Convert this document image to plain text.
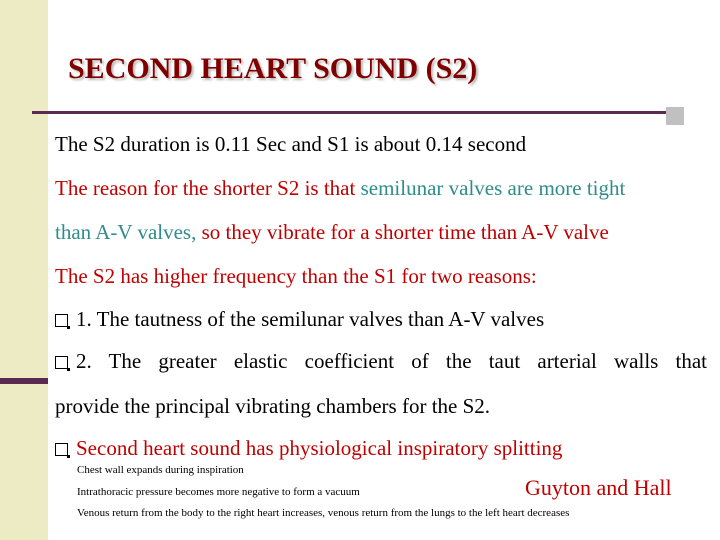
SECOND HEART SOUND (S2)
The S2 duration is 0.11 Sec and S1 is about 0.14 second
The reason for the shorter S2 is that semilunar valves are more tight
than A-V valves, so they vibrate for a shorter time than A-V valve
The S2 has higher frequency than the S1 for two reasons:
1. The tautness of the semilunar valves than A-V valves
2. The greater elastic coefficient of the taut arterial walls that
provide the principal vibrating chambers for the S2.
Second heart sound has physiological inspiratory splitting
Chest wall expands during inspiration
Intrathoracic pressure becomes more negative to form a vacuum
Venous return from the body to the right heart increases, venous return from the lungs to the left heart decreases
Guyton and Hall
